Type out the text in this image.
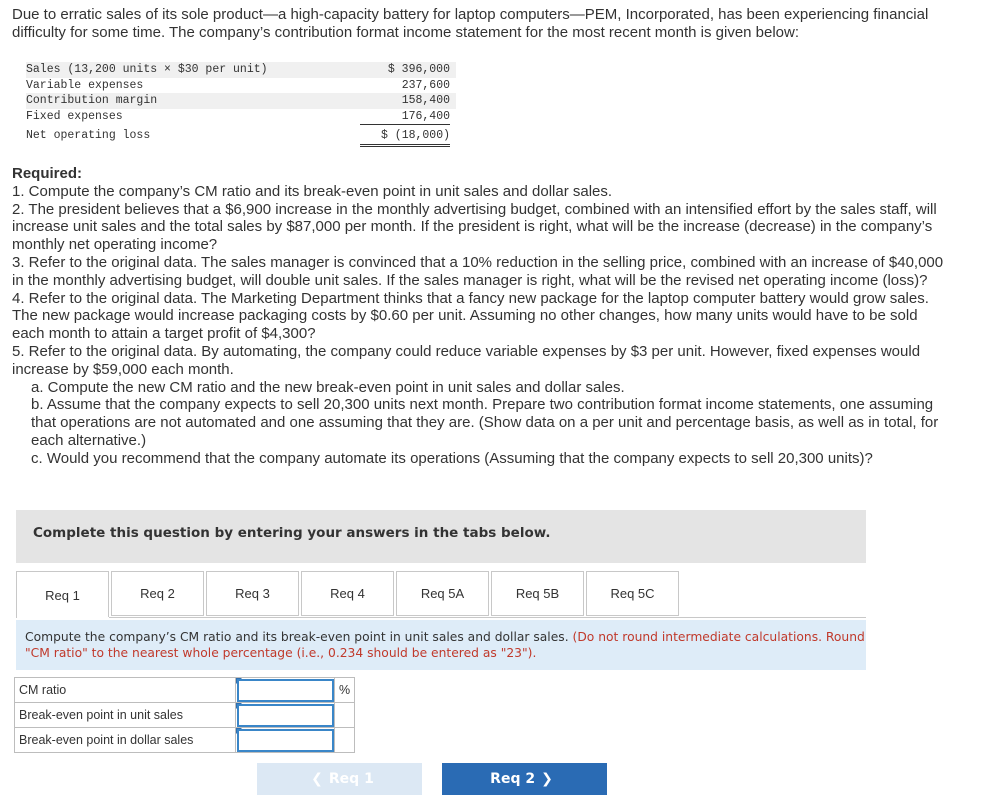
Due to erratic sales of its sole product—a high-capacity battery for laptop computers—PEM, Incorporated, has been experiencing financial difficulty for some time. The company’s contribution format income statement for the most recent month is given below:
Sales (13,200 units × $30 per unit)	$ 396,000
Variable expenses	237,600
Contribution margin	158,400
Fixed expenses	176,400
Net operating loss	$ (18,000)
Required:
1. Compute the company’s CM ratio and its break-even point in unit sales and dollar sales.
2. The president believes that a $6,900 increase in the monthly advertising budget, combined with an intensified effort by the sales staff, will increase unit sales and the total sales by $87,000 per month. If the president is right, what will be the increase (decrease) in the company’s monthly net operating income?
3. Refer to the original data. The sales manager is convinced that a 10% reduction in the selling price, combined with an increase of $40,000 in the monthly advertising budget, will double unit sales. If the sales manager is right, what will be the revised net operating income (loss)?
4. Refer to the original data. The Marketing Department thinks that a fancy new package for the laptop computer battery would grow sales. The new package would increase packaging costs by $0.60 per unit. Assuming no other changes, how many units would have to be sold each month to attain a target profit of $4,300?
5. Refer to the original data. By automating, the company could reduce variable expenses by $3 per unit. However, fixed expenses would increase by $59,000 each month.
a. Compute the new CM ratio and the new break-even point in unit sales and dollar sales.
b. Assume that the company expects to sell 20,300 units next month. Prepare two contribution format income statements, one assuming that operations are not automated and one assuming that they are. (Show data on a per unit and percentage basis, as well as in total, for each alternative.)
c. Would you recommend that the company automate its operations (Assuming that the company expects to sell 20,300 units)?
Complete this question by entering your answers in the tabs below.
Req 1	Req 2	Req 3	Req 4	Req 5A	Req 5B	Req 5C
Compute the company’s CM ratio and its break-even point in unit sales and dollar sales. (Do not round intermediate calculations. Round "CM ratio" to the nearest whole percentage (i.e., 0.234 should be entered as "23").
CM ratio		%
Break-even point in unit sales	

Break-even point in dollar sales	

❮ Req 1	Req 2 ❯
